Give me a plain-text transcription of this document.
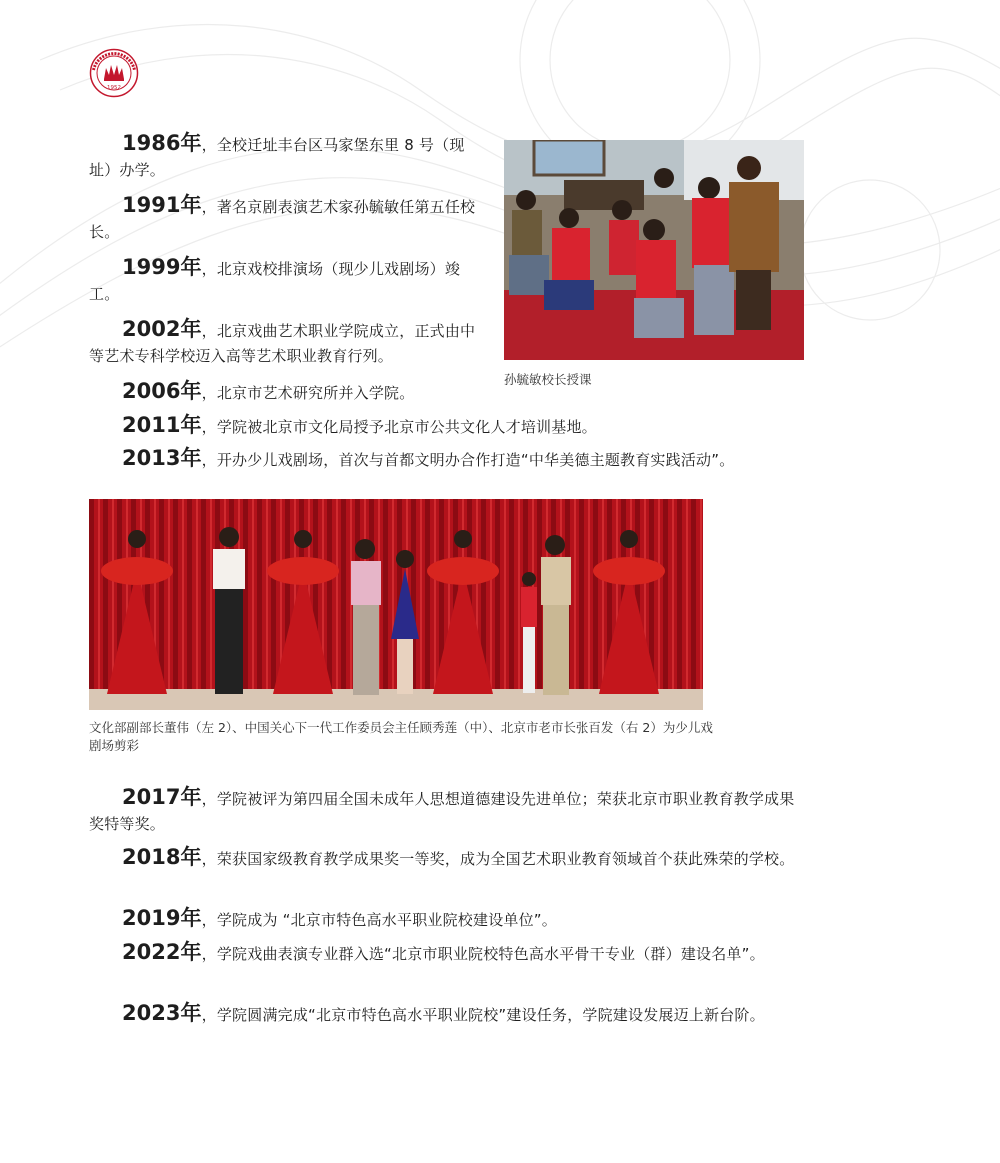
1952

1986年，全校迁址丰台区马家堡东里 8 号（现址）办学。

1991年，著名京剧表演艺术家孙毓敏任第五任校长。

1999年，北京戏校排演场（现少儿戏剧场）竣工。

2002年，北京戏曲艺术职业学院成立，正式由中等艺术专科学校迈入高等艺术职业教育行列。

2006年，北京市艺术研究所并入学院。

2011年，学院被北京市文化局授予北京市公共文化人才培训基地。

2013年，开办少儿戏剧场，首次与首都文明办合作打造“中华美德主题教育实践活动”。

孙毓敏校长授课

文化部副部长董伟（左 2）、中国关心下一代工作委员会主任顾秀莲（中）、北京市老市长张百发（右 2）为少儿戏剧场剪彩

2017年，学院被评为第四届全国未成年人思想道德建设先进单位；荣获北京市职业教育教学成果奖特等奖。

2018年，荣获国家级教育教学成果奖一等奖，成为全国艺术职业教育领域首个获此殊荣的学校。

2019年，学院成为 “北京市特色高水平职业院校建设单位”。

2022年，学院戏曲表演专业群入选“北京市职业院校特色高水平骨干专业（群）建设名单”。

2023年，学院圆满完成“北京市特色高水平职业院校”建设任务，学院建设发展迈上新台阶。
